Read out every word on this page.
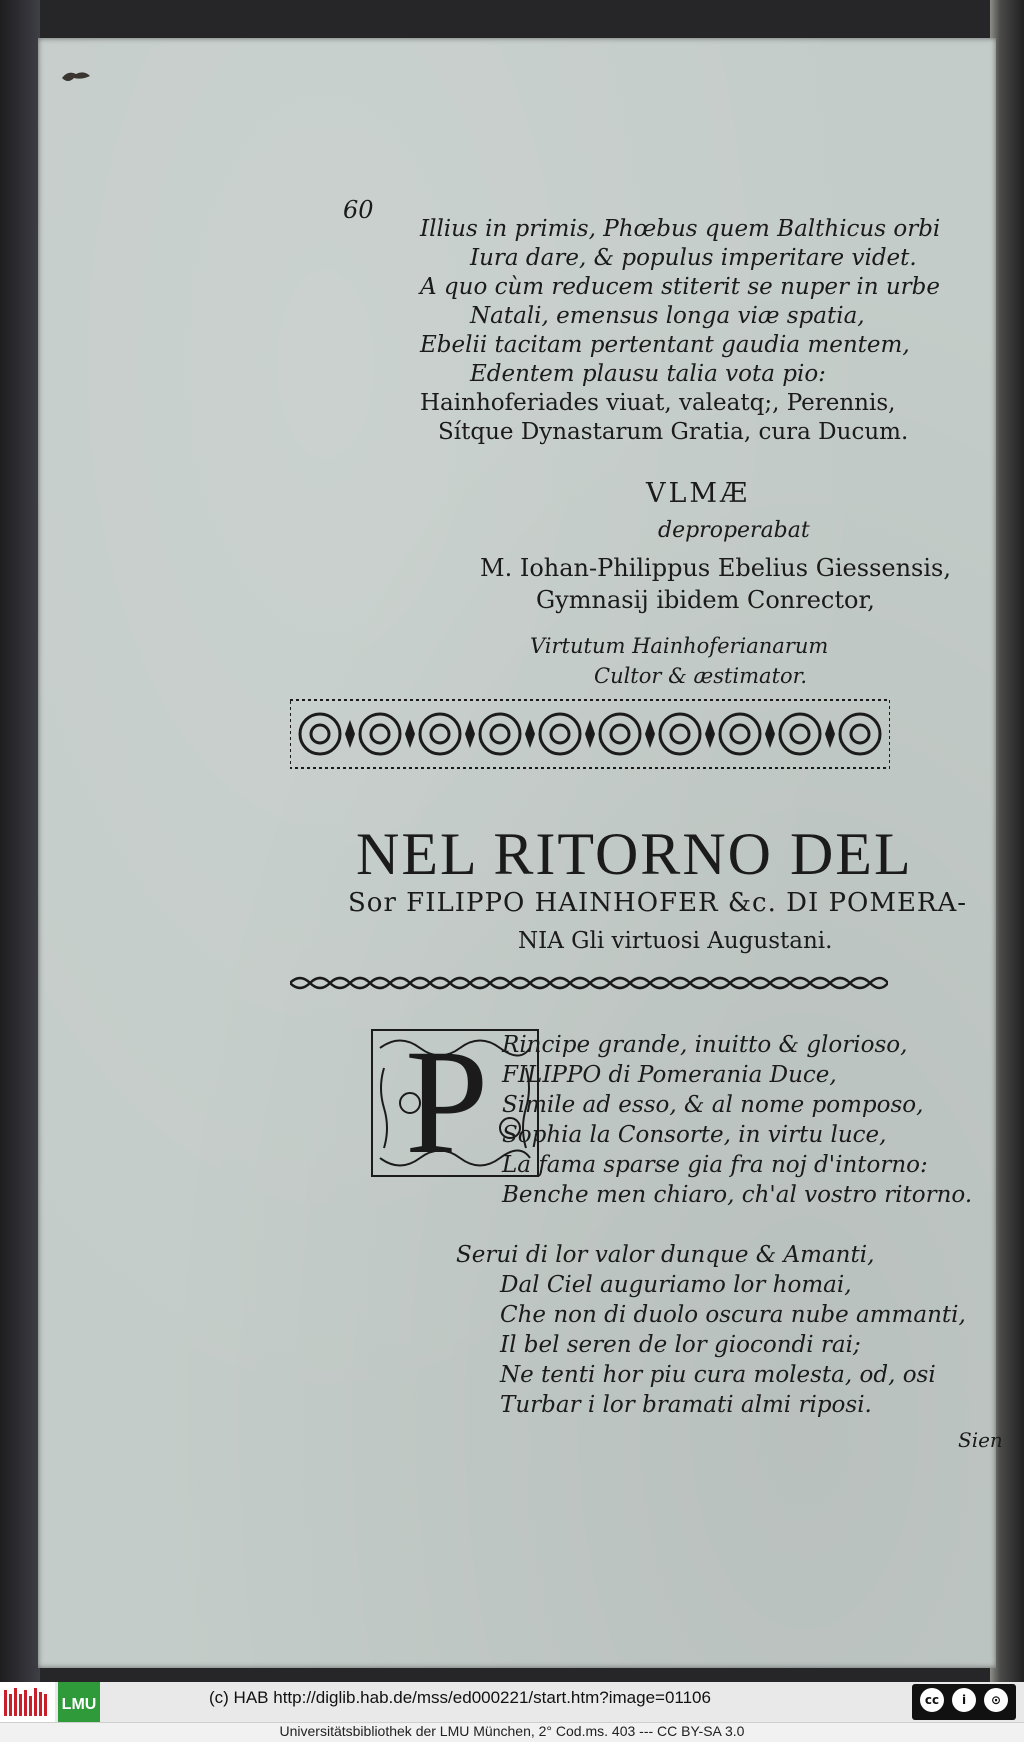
60
Illius in primis, Phœbus quem Balthicus orbi
Iura dare, & populus imperitare videt.
A quo cùm reducem stiterit se nuper in urbe
Natali, emensus longa viæ spatia,
Ebelii tacitam pertentant gaudia mentem,
Edentem plausu talia vota pio:
Hainhoferiades viuat, valeatq;, Perennis,
Sítque Dynastarum Gratia, cura Ducum.
VLMÆ
deproperabat
M. Iohan-Philippus Ebelius Giessensis,
Gymnasij ibidem Conrector,
Virtutum Hainhoferianarum
Cultor & æstimator.
NEL RITORNO DEL
Sor FILIPPO HAINHOFER &c. DI POMERA-
NIA Gli virtuosi Augustani.
P Rincipe grande, inuitto & glorioso,
FILIPPO di Pomerania Duce,
Simile ad esso, & al nome pomposo,
Sophia la Consorte, in virtu luce,
La fama sparse gia fra noj d'intorno:
Benche men chiaro, ch'al vostro ritorno.
Serui di lor valor dunque & Amanti,
Dal Ciel auguriamo lor homai,
Che non di duolo oscura nube ammanti,
Il bel seren de lor giocondi rai;
Ne tenti hor piu cura molesta, od, osi
Turbar i lor bramati almi riposi.
Sien
LMU	(c) HAB http://diglib.hab.de/mss/ed000221/start.htm?image=01106	cc	i	⊙
Universitätsbibliothek der LMU München, 2° Cod.ms. 403 --- CC BY-SA 3.0
